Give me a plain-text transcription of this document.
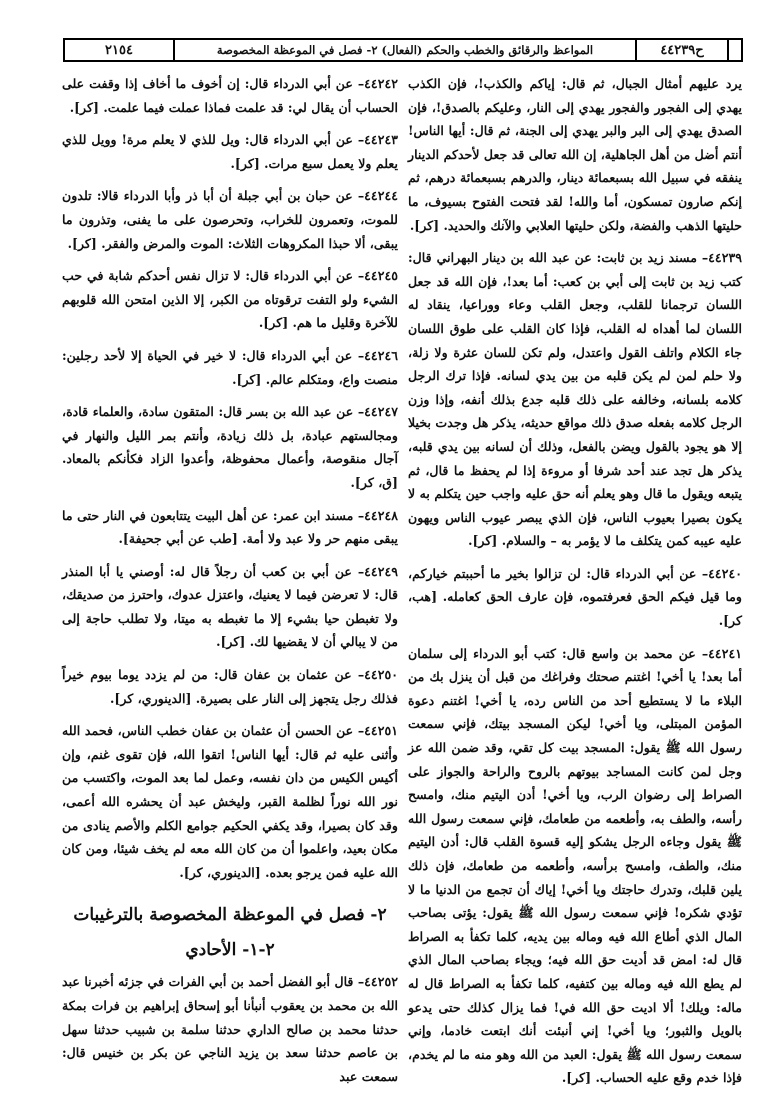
٢١٥٤	المواعظ والرقائق والخطب والحكم (الفعال) ٢- فصل في الموعظة المخصوصة	ح٤٤٢٣٩

يرد عليهم أمثال الجبال، ثم قال: إياكم والكذب!، فإن الكذب يهدي إلى الفجور والفجور يهدي إلى النار، وعليكم بالصدق!، فإن الصدق يهدي إلى البر والبر يهدي إلى الجنة، ثم قال: أيها الناس! أنتم أضل من أهل الجاهلية، إن الله تعالى قد جعل لأحدكم الدينار ينفقه في سبيل الله بسبعمائة دينار، والدرهم بسبعمائة درهم، ثم إنكم صارون تمسكون، أما والله! لقد فتحت الفتوح بسيوف، ما حليتها الذهب والفضة، ولكن حليتها العلابي والآنك والحديد. [كر].

٤٤٢٣٩– مسند زيد بن ثابت: عن عبد الله بن دينار البهراني قال: كتب زيد بن ثابت إلى أبي بن كعب: أما بعد!، فإن الله قد جعل اللسان ترجمانا للقلب، وجعل القلب وعاء ووراعيا، ينقاد له اللسان لما أهداه له القلب، فإذا كان القلب على طوق اللسان جاء الكلام واتلف القول واعتدل، ولم تكن للسان عثرة ولا زلة، ولا حلم لمن لم يكن قلبه من بين يدي لسانه. فإذا ترك الرجل كلامه بلسانه، وخالفه على ذلك قلبه جدع بذلك أنفه، وإذا وزن الرجل كلامه بفعله صدق ذلك مواقع حديثه، يذكر هل وجدت بخيلا إلا هو يجود بالقول ويضن بالفعل، وذلك أن لسانه بين يدي قلبه، يذكر هل تجد عند أحد شرفا أو مروءة إذا لم يحفظ ما قال، ثم يتبعه ويقول ما قال وهو يعلم أنه حق عليه واجب حين يتكلم به لا يكون بصيرا بعيوب الناس، فإن الذي يبصر عيوب الناس ويهون عليه عيبه كمن يتكلف ما لا يؤمر به – والسلام. [كر].

٤٤٢٤٠– عن أبي الدرداء قال: لن تزالوا بخير ما أحببتم خياركم، وما قيل فيكم الحق فعرفتموه، فإن عارف الحق كعامله. [هب، كر].

٤٤٢٤١– عن محمد بن واسع قال: كتب أبو الدرداء إلى سلمان أما بعد! يا أخي! اغتنم صحتك وفراغك من قبل أن ينزل بك من البلاء ما لا يستطيع أحد من الناس رده، يا أخي! اغتنم دعوة المؤمن المبتلى، ويا أخي! ليكن المسجد بيتك، فإني سمعت رسول الله ﷺ يقول: المسجد بيت كل تقي، وقد ضمن الله عز وجل لمن كانت المساجد بيوتهم بالروح والراحة والجواز على الصراط إلى رضوان الرب، ويا أخي! أدن اليتيم منك، وامسح رأسه، والطف به، وأطعمه من طعامك، فإني سمعت رسول الله ﷺ يقول وجاءه الرجل يشكو إليه قسوة القلب قال: أدن اليتيم منك، والطف، وامسح برأسه، وأطعمه من طعامك، فإن ذلك يلين قلبك، وتدرك حاجتك ويا أخي! إياك أن تجمع من الدنيا ما لا تؤدي شكره! فإني سمعت رسول الله ﷺ يقول: يؤتى بصاحب المال الذي أطاع الله فيه وماله بين يديه، كلما تكفأ به الصراط قال له: امض قد أديت حق الله فيه؛ ويجاء بصاحب المال الذي لم يطع الله فيه وماله بين كتفيه، كلما تكفأ به الصراط قال له ماله: ويلك! ألا اديت حق الله في! فما يزال كذلك حتى يدعو بالويل والثبور؛ ويا أخي! إني أنبئت أنك ابتعت خادما، وإني سمعت رسول الله ﷺ يقول: العبد من الله وهو منه ما لم يخدم، فإذا خدم وقع عليه الحساب. [كر].

٤٤٢٤٢– عن أبي الدرداء قال: إن أخوف ما أخاف إذا وقفت على الحساب أن يقال لي: قد علمت فماذا عملت فيما علمت. [كر].

٤٤٢٤٣– عن أبي الدرداء قال: ويل للذي لا يعلم مرة! وويل للذي يعلم ولا يعمل سبع مرات. [كر].

٤٤٢٤٤– عن حبان بن أبي جبلة أن أبا ذر وأبا الدرداء قالا: تلدون للموت، وتعمرون للخراب، وتحرصون على ما يفنى، وتذرون ما يبقى، ألا حبذا المكروهات الثلاث: الموت والمرض والفقر. [كر].

٤٤٢٤٥– عن أبي الدرداء قال: لا تزال نفس أحدكم شابة في حب الشيء ولو التفت ترقوتاه من الكبر، إلا الذين امتحن الله قلوبهم للآخرة وقليل ما هم. [كر].

٤٤٢٤٦– عن أبي الدرداء قال: لا خير في الحياة إلا لأحد رجلين: منصت واع، ومتكلم عالم. [كر].

٤٤٢٤٧– عن عبد الله بن بسر قال: المتقون سادة، والعلماء قادة، ومجالستهم عبادة، بل ذلك زيادة، وأنتم بمر الليل والنهار في آجال منقوصة، وأعمال محفوظة، وأعدوا الزاد فكأنكم بالمعاد. [ق، كر].

٤٤٢٤٨– مسند ابن عمر: عن أهل البيت يتتابعون في النار حتى ما يبقى منهم حر ولا عبد ولا أمة. [طب عن أبي جحيفة].

٤٤٢٤٩– عن أبي بن كعب أن رجلاً قال له: أوصني يا أبا المنذر قال: لا تعرضن فيما لا يعنيك، واعتزل عدوك، واحترز من صديقك، ولا تغبطن حيا بشيء إلا ما تغبطه به ميتا، ولا تطلب حاجة إلى من لا يبالي أن لا يقضيها لك. [كر].

٤٤٢٥٠– عن عثمان بن عفان قال: من لم يزدد يوما بيوم خيراً فذلك رجل يتجهز إلى النار على بصيرة. [الدينوري، كر].

٤٤٢٥١– عن الحسن أن عثمان بن عفان خطب الناس، فحمد الله وأثنى عليه ثم قال: أيها الناس! اتقوا الله، فإن تقوى غنم، وإن أكيس الكيس من دان نفسه، وعمل لما بعد الموت، واكتسب من نور الله نوراً لظلمة القبر، وليخش عبد أن يحشره الله أعمى، وقد كان بصيرا، وقد يكفي الحكيم جوامع الكلم والأصم ينادى من مكان بعيد، واعلموا أن من كان الله معه لم يخف شيئا، ومن كان الله عليه فمن يرجو بعده. [الدينوري، كر].

٢- فصل في الموعظة المخصوصة بالترغيبات
٢-١- الأحادي

٤٤٢٥٢– قال أبو الفضل أحمد بن أبي الفرات في جزئه أخبرنا عبد الله بن محمد بن يعقوب أنبأنا أبو إسحاق إبراهيم بن فرات بمكة حدثنا محمد بن صالح الداري حدثنا سلمة بن شبيب حدثنا سهل بن عاصم حدثنا سعد بن يزيد الناجي عن بكر بن خنيس قال: سمعت عبد
